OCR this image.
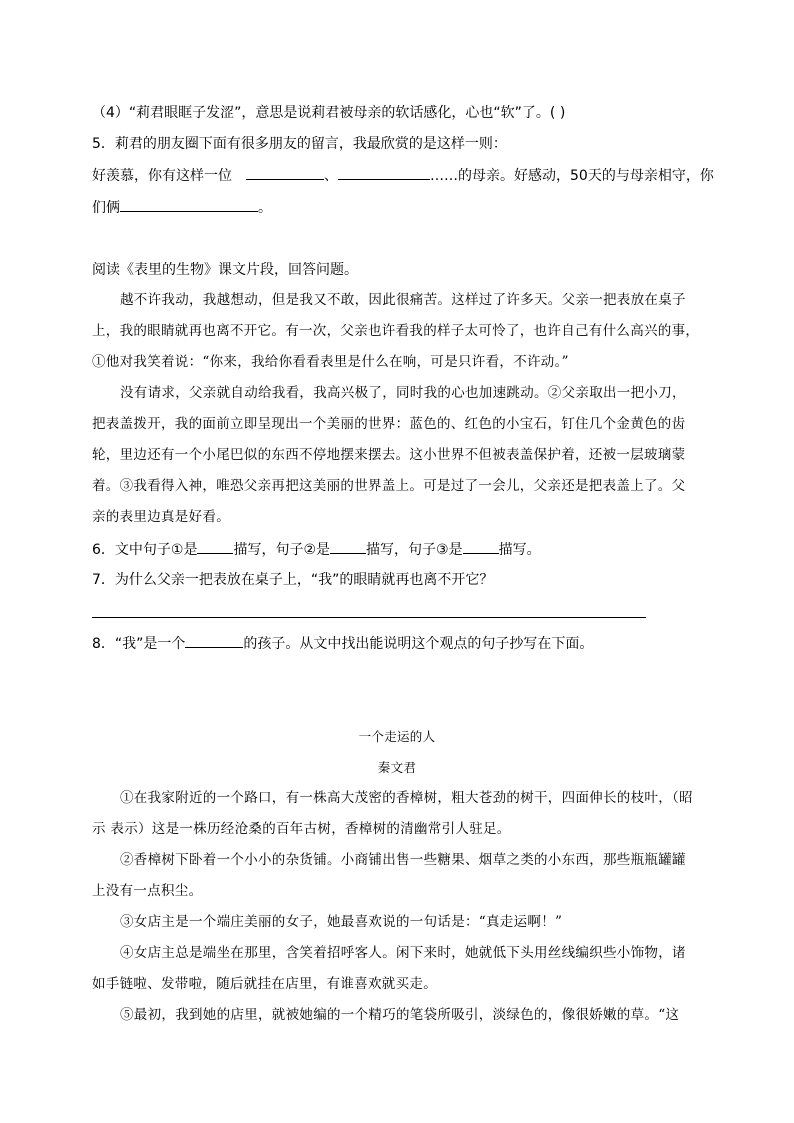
（4）“莉君眼眶子发涩”，意思是说莉君被母亲的软话感化，心也“软”了。( )
5．莉君的朋友圈下面有很多朋友的留言，我最欣赏的是这样一则：
好羡慕，你有这样一位	、	……的母亲。好感动，50天的与母亲相守，你
们俩	。
阅读《表里的生物》课文片段，回答问题。
越不许我动，我越想动，但是我又不敢，因此很痛苦。这样过了许多天。父亲一把表放在桌子
上，我的眼睛就再也离不开它。有一次，父亲也许看我的样子太可怜了，也许自己有什么高兴的事，
①他对我笑着说：“你来，我给你看看表里是什么在响，可是只许看，不许动。”
没有请求，父亲就自动给我看，我高兴极了，同时我的心也加速跳动。②父亲取出一把小刀，
把表盖拨开，我的面前立即呈现出一个美丽的世界：蓝色的、红色的小宝石，钉住几个金黄色的齿
轮，里边还有一个小尾巴似的东西不停地摆来摆去。这小世界不但被表盖保护着，还被一层玻璃蒙
着。③我看得入神，唯恐父亲再把这美丽的世界盖上。可是过了一会儿，父亲还是把表盖上了。父
亲的表里边真是好看。
6．文中句子①是	描写，句子②是	描写，句子③是	描写。
7．为什么父亲一把表放在桌子上，“我”的眼睛就再也离不开它？
8．“我”是一个	的孩子。从文中找出能说明这个观点的句子抄写在下面。
一个走运的人
秦文君
①在我家附近的一个路口，有一株高大茂密的香樟树，粗大苍劲的树干，四面伸长的枝叶，（昭
示 表示）这是一株历经沧桑的百年古树，香樟树的清幽常引人驻足。
②香樟树下卧着一个小小的杂货铺。小商铺出售一些糖果、烟草之类的小东西，那些瓶瓶罐罐
上没有一点积尘。
③女店主是一个端庄美丽的女子，她最喜欢说的一句话是：“真走运啊！”
④女店主总是端坐在那里，含笑着招呼客人。闲下来时，她就低下头用丝线编织些小饰物，诸
如手链啦、发带啦，随后就挂在店里，有谁喜欢就买走。
⑤最初，我到她的店里，就被她编的一个精巧的笔袋所吸引，淡绿色的，像很娇嫩的草。“这
